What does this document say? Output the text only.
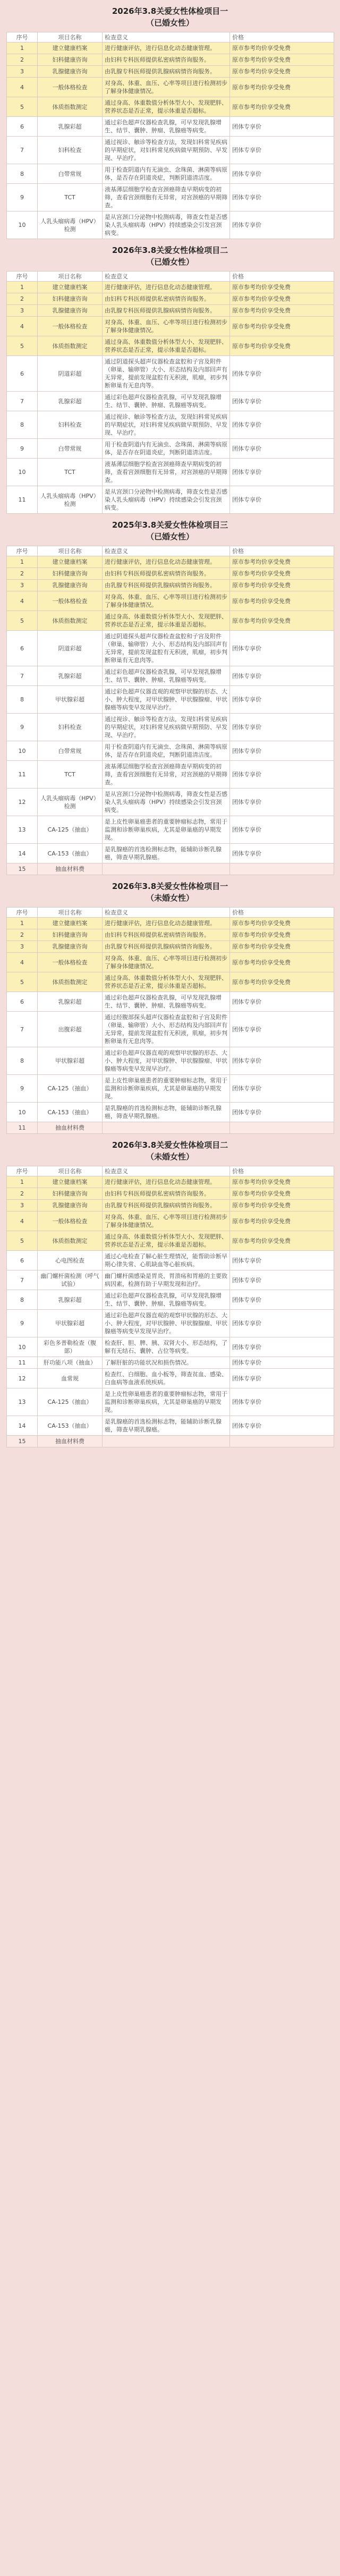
2026年3.8关爱女性体检项目一
（已婚女性）
序号	项目名称	检查意义	价格
1	建立健康档案	进行健康评估，进行信息化动态健康管理。	原市参考均价享受免费
2	妇科健康咨询	由妇科专科医师提供私密病情咨询服务。	原市参考均价享受免费
3	乳腺健康咨询	由乳腺专科医师提供乳腺病病情咨询服务。	原市参考均价享受免费
4	一般体格检查	对身高、体重、血压、心率等项目进行检测初步了解身体健康情况。	原市参考均价享受免费
5	体质指数测定	通过身高、体重数值分析体型大小、发现肥胖、营养状态是否正常，提示体重是否超标。	原市参考均价享受免费
6	乳腺彩超	通过彩色超声仪器检查乳腺，可早发现乳腺增生、结节、囊肿、肿瘤、乳腺癌等病变。	团体专享价
7	妇科检查	通过视诊、触诊等检查方法，发现妇科常见疾病的早期症状，对妇科常见疾病做早期预防、早发现、早治疗。	团体专享价
8	白带常规	用于检查阴道内有无滴虫、念珠菌、淋菌等病原体，是否存在阴道炎症，判断阴道清洁度。	团体专享价
9	TCT	液基薄层细胞学检查宫颈癌筛查早期病变的初筛，查看宫颈细胞有无异常，对宫颈癌的早期筛查。	团体专享价
10	人乳头瘤病毒（HPV）检测	是从宫颈口分泌物中检测病毒，筛查女性是否感染人乳头瘤病毒（HPV）持续感染会引发宫颈病变。	团体专享价
2026年3.8关爱女性体检项目二
（已婚女性）
序号	项目名称	检查意义	价格
1	建立健康档案	进行健康评估，进行信息化动态健康管理。	原市参考均价享受免费
2	妇科健康咨询	由妇科专科医师提供私密病情咨询服务。	原市参考均价享受免费
3	乳腺健康咨询	由乳腺专科医师提供乳腺病病情咨询服务。	原市参考均价享受免费
4	一般体格检查	对身高、体重、血压、心率等项目进行检测初步了解身体健康情况。	原市参考均价享受免费
5	体质指数测定	通过身高、体重数值分析体型大小、发现肥胖、营养状态是否正常，提示体重是否超标。	原市参考均价享受免费
6	阴道彩超	通过阴道探头超声仪器检查盆腔和子宫及附件（卵巢、输卵管）大小、形态结构及内部回声有无异常，提前发现盆腔有无积液，肌瘤，初步判断卵巢有无息肉等。	团体专享价
7	乳腺彩超	通过彩色超声仪器检查乳腺，可早发现乳腺增生、结节、囊肿、肿瘤、乳腺癌等病变。	团体专享价
8	妇科检查	通过视诊、触诊等检查方法，发现妇科常见疾病的早期症状，对妇科常见疾病做早期预防、早发现、早治疗。	团体专享价
9	白带常规	用于检查阴道内有无滴虫、念珠菌、淋菌等病原体，是否存在阴道炎症，判断阴道清洁度。	团体专享价
10	TCT	液基薄层细胞学检查宫颈癌筛查早期病变的初筛，查看宫颈细胞有无异常，对宫颈癌的早期筛查。	团体专享价
11	人乳头瘤病毒（HPV）检测	是从宫颈口分泌物中检测病毒，筛查女性是否感染人乳头瘤病毒（HPV）持续感染会引发宫颈病变。	团体专享价
2025年3.8关爱女性体检项目三
（已婚女性）
序号	项目名称	检查意义	价格
1	建立健康档案	进行健康评估，进行信息化动态健康管理。	原市参考均价享受免费
2	妇科健康咨询	由妇科专科医师提供私密病情咨询服务。	原市参考均价享受免费
3	乳腺健康咨询	由乳腺专科医师提供乳腺病病情咨询服务。	原市参考均价享受免费
4	一般体格检查	对身高、体重、血压、心率等项目进行检测初步了解身体健康情况。	原市参考均价享受免费
5	体质指数测定	通过身高、体重数值分析体型大小、发现肥胖、营养状态是否正常，提示体重是否超标。	原市参考均价享受免费
6	阴道彩超	通过阴道探头超声仪器检查盆腔和子宫及附件（卵巢、输卵管）大小、形态结构及内部回声有无异常，提前发现盆腔有无积液，肌瘤，初步判断卵巢有无息肉等。	团体专享价
7	乳腺彩超	通过彩色超声仪器检查乳腺，可早发现乳腺增生、结节、囊肿、肿瘤、乳腺癌等病变。	团体专享价
8	甲状腺彩超	通过彩色超声仪器直观的观察甲状腺的形态、大小、肿大程度，对甲状腺肿、甲状腺腺瘤、甲状腺癌等病变早发现早治疗。	团体专享价
9	妇科检查	通过视诊、触诊等检查方法，发现妇科常见疾病的早期症状，对妇科常见疾病做早期预防、早发现、早治疗。	团体专享价
10	白带常规	用于检查阴道内有无滴虫、念珠菌、淋菌等病原体，是否存在阴道炎症，判断阴道清洁度。	团体专享价
11	TCT	液基薄层细胞学检查宫颈癌筛查早期病变的初筛，查看宫颈细胞有无异常，对宫颈癌的早期筛查。	团体专享价
12	人乳头瘤病毒（HPV）检测	是从宫颈口分泌物中检测病毒，筛查女性是否感染人乳头瘤病毒（HPV）持续感染会引发宫颈病变。	团体专享价
13	CA-125（抽血）	是上皮性卵巢癌患者的重要肿瘤标志物，常用于监测和诊断卵巢疾病，尤其是卵巢癌的早期发现。	团体专享价
14	CA-153（抽血）	是乳腺癌的首选检测标志物，能辅助诊断乳腺癌，筛查早期乳腺癌。	团体专享价
15	抽血材料费		
2026年3.8关爱女性体检项目一
（未婚女性）
序号	项目名称	检查意义	价格
1	建立健康档案	进行健康评估，进行信息化动态健康管理。	原市参考均价享受免费
2	妇科健康咨询	由妇科专科医师提供私密病情咨询服务。	原市参考均价享受免费
3	乳腺健康咨询	由乳腺专科医师提供乳腺病病情咨询服务。	原市参考均价享受免费
4	一般体格检查	对身高、体重、血压、心率等项目进行检测初步了解身体健康情况。	原市参考均价享受免费
5	体质指数测定	通过身高、体重数值分析体型大小、发现肥胖、营养状态是否正常，提示体重是否超标。	原市参考均价享受免费
6	乳腺彩超	通过彩色超声仪器检查乳腺，可早发现乳腺增生、结节、囊肿、肿瘤、乳腺癌等病变。	团体专享价
7	出腹彩超	通过经腹部探头超声仪器检查盆腔和子宫及附件（卵巢、输卵管）大小、形态结构及内部回声有无异常，提前发现盆腔有无积液，肌瘤，初步判断卵巢有无息肉等。	团体专享价
8	甲状腺彩超	通过彩色超声仪器直观的观察甲状腺的形态、大小、肿大程度，对甲状腺肿、甲状腺腺瘤、甲状腺癌等病变早发现早治疗。	团体专享价
9	CA-125（抽血）	是上皮性卵巢癌患者的重要肿瘤标志物，常用于监测和诊断卵巢疾病，尤其是卵巢癌的早期发现。	团体专享价
10	CA-153（抽血）	是乳腺癌的首选检测标志物，能辅助诊断乳腺癌，筛查早期乳腺癌。	团体专享价
11	抽血材料费		
2026年3.8关爱女性体检项目二
（未婚女性）
序号	项目名称	检查意义	价格
1	建立健康档案	进行健康评估，进行信息化动态健康管理。	原市参考均价享受免费
2	妇科健康咨询	由妇科专科医师提供私密病情咨询服务。	原市参考均价享受免费
3	乳腺健康咨询	由乳腺专科医师提供乳腺病病情咨询服务。	原市参考均价享受免费
4	一般体格检查	对身高、体重、血压、心率等项目进行检测初步了解身体健康情况。	原市参考均价享受免费
5	体质指数测定	通过身高、体重数值分析体型大小、发现肥胖、营养状态是否正常，提示体重是否超标。	原市参考均价享受免费
6	心电图检查	通过心电检查了解心脏生理情况，能帮助诊断早期心律失常、心肌缺血等心脏疾病。	团体专享价
7	幽门螺杆菌检测（呼气试验）	幽门螺杆菌感染是胃炎、胃溃疡和胃癌的主要致病因素，检测有助于早期发现和治疗。	团体专享价
8	乳腺彩超	通过彩色超声仪器检查乳腺，可早发现乳腺增生、结节、囊肿、肿瘤、乳腺癌等病变。	团体专享价
9	甲状腺彩超	通过彩色超声仪器直观的观察甲状腺的形态、大小、肿大程度，对甲状腺肿、甲状腺腺瘤、甲状腺癌等病变早发现早治疗。	团体专享价
10	彩色多普勒检查（腹部）	检查肝、胆、脾、胰、双肾大小、形态结构，了解有无结石、囊肿、占位等病变。	团体专享价
11	肝功能八项（抽血）	了解肝脏的功能状况和损伤情况。	团体专享价
12	血常规	检查红、白细胞、血小板等，筛查贫血、感染、白血病等血液系统疾病。	团体专享价
13	CA-125（抽血）	是上皮性卵巢癌患者的重要肿瘤标志物，常用于监测和诊断卵巢疾病，尤其是卵巢癌的早期发现。	团体专享价
14	CA-153（抽血）	是乳腺癌的首选检测标志物，能辅助诊断乳腺癌，筛查早期乳腺癌。	团体专享价
15	抽血材料费		
